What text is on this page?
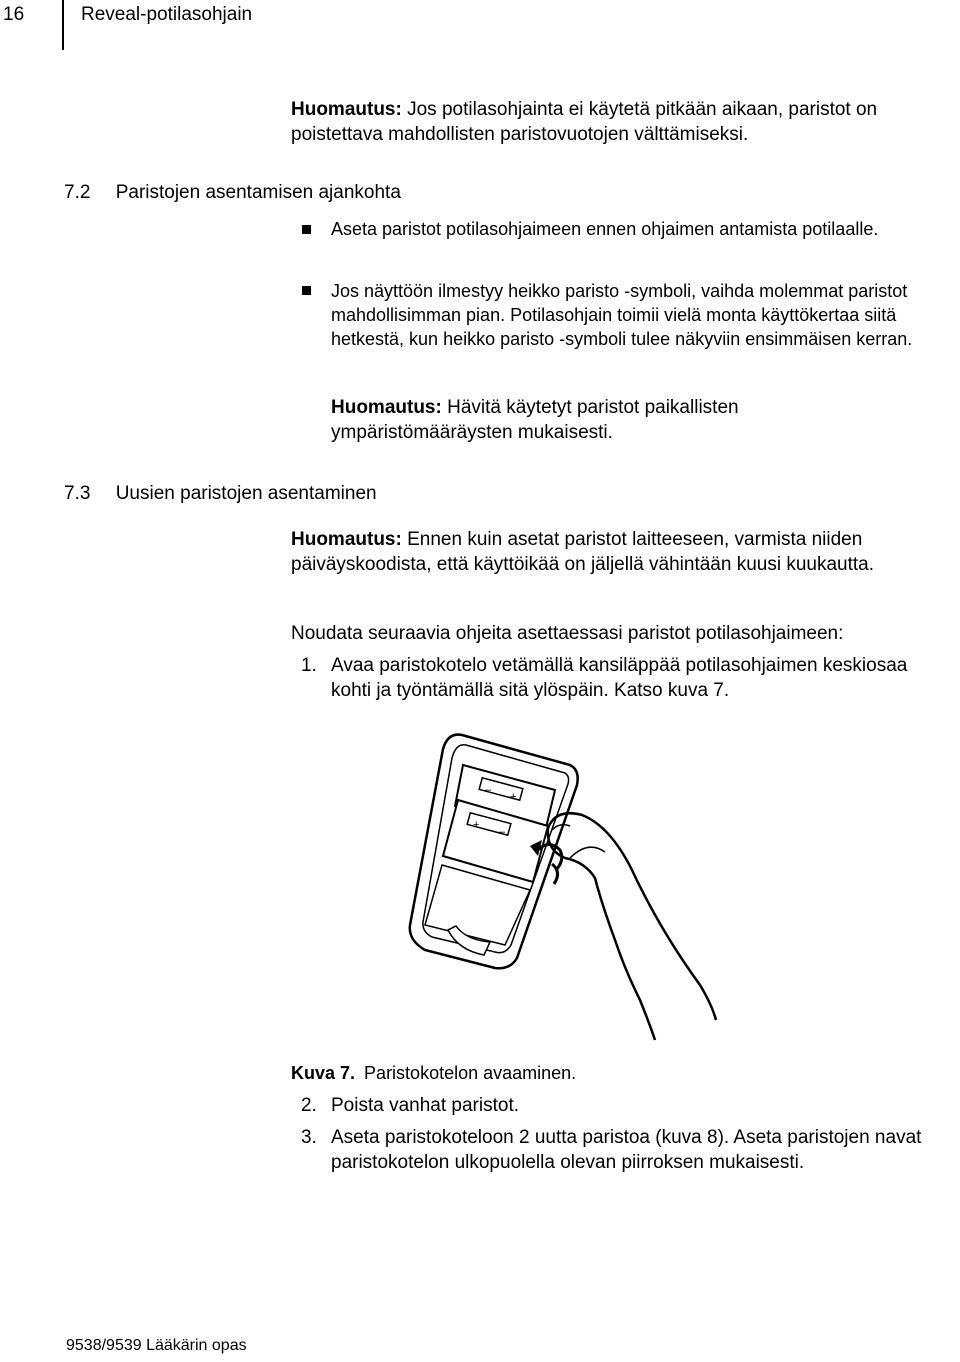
16	Reveal-potilasohjain
Huomautus: Jos potilasohjainta ei käytetä pitkään aikaan, paristot on poistettava mahdollisten paristovuotojen välttämiseksi.
7.2 Paristojen asentamisen ajankohta
Aseta paristot potilasohjaimeen ennen ohjaimen antamista potilaalle.
Jos näyttöön ilmestyy heikko paristo -symboli, vaihda molemmat paristot mahdollisimman pian. Potilasohjain toimii vielä monta käyttökertaa siitä hetkestä, kun heikko paristo -symboli tulee näkyviin ensimmäisen kerran.
Huomautus: Hävitä käytetyt paristot paikallisten ympäristömääräysten mukaisesti.
7.3 Uusien paristojen asentaminen
Huomautus: Ennen kuin asetat paristot laitteeseen, varmista niiden päiväyskoodista, että käyttöikää on jäljellä vähintään kuusi kuukautta.
Noudata seuraavia ohjeita asettaessasi paristot potilasohjaimeen:
1. Avaa paristokotelo vetämällä kansiläppää potilasohjaimen keskiosaa kohti ja työntämällä sitä ylöspäin. Katso kuva 7.
–
+
+
–
Kuva 7. Paristokotelon avaaminen.
2. Poista vanhat paristot.
3. Aseta paristokoteloon 2 uutta paristoa (kuva 8). Aseta paristojen navat paristokotelon ulkopuolella olevan piirroksen mukaisesti.
9538/9539 Lääkärin opas
